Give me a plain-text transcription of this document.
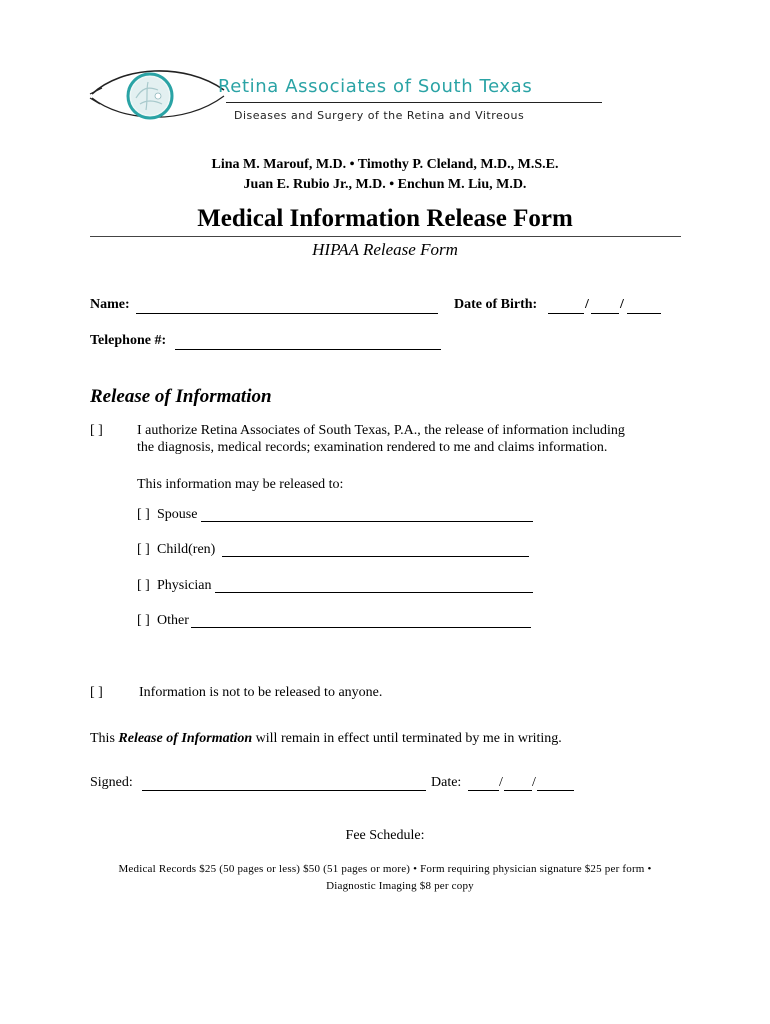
Retina Associates of South Texas
Diseases and Surgery of the Retina and Vitreous
Lina M. Marouf, M.D. • Timothy P. Cleland, M.D., M.S.E.
Juan E. Rubio Jr., M.D. • Enchun M. Liu, M.D.
Medical Information Release Form
HIPAA Release Form
Name:	Date of Birth:	/ /
Telephone #:
Release of Information
[ ] I authorize Retina Associates of South Texas, P.A., the release of information including
the diagnosis, medical records; examination rendered to me and claims information.
This information may be released to:
[ ] Spouse
[ ] Child(ren)
[ ] Physician
[ ] Other
[ ]	Information is not to be released to anyone.
This Release of Information will remain in effect until terminated by me in writing.
Signed:	Date:	/ /
Fee Schedule:
Medical Records $25 (50 pages or less) $50 (51 pages or more) • Form requiring physician signature $25 per form •
Diagnostic Imaging $8 per copy
